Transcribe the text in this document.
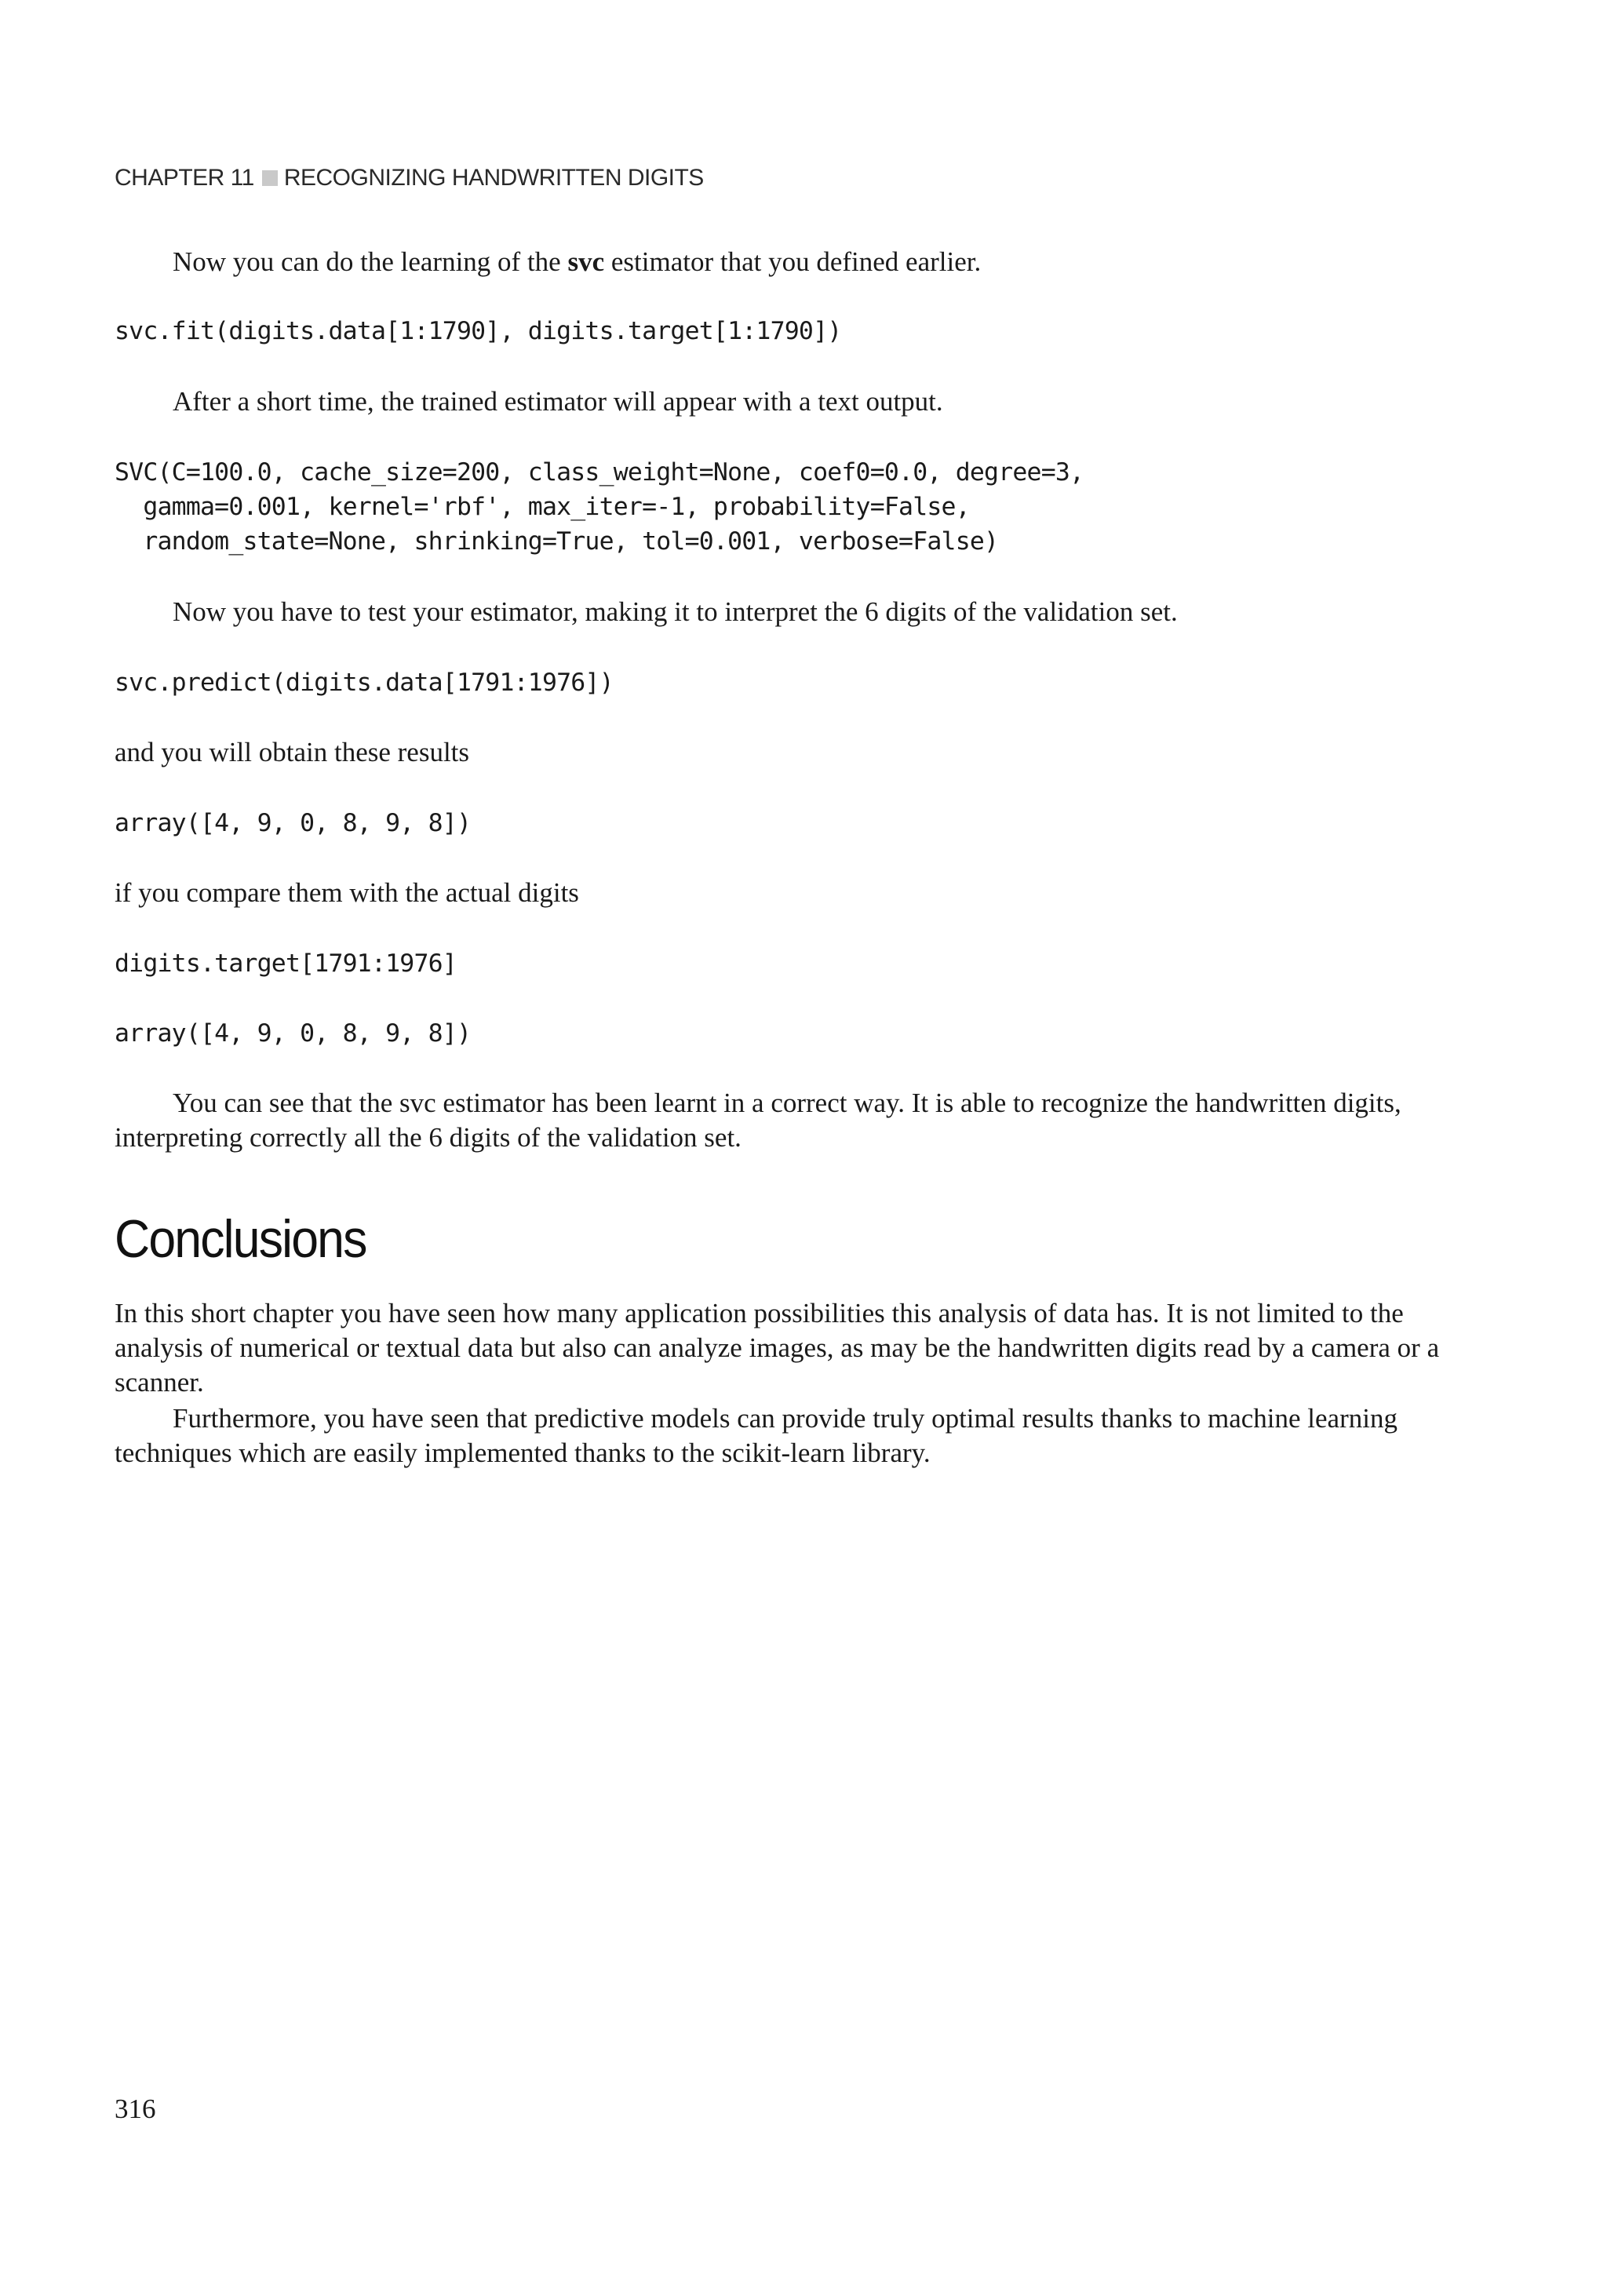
CHAPTER 11 RECOGNIZING HANDWRITTEN DIGITS

Now you can do the learning of the svc estimator that you defined earlier.

svc.fit(digits.data[1:1790], digits.target[1:1790])

After a short time, the trained estimator will appear with a text output.

SVC(C=100.0, cache_size=200, class_weight=None, coef0=0.0, degree=3,
gamma=0.001, kernel='rbf', max_iter=-1, probability=False,
random_state=None, shrinking=True, tol=0.001, verbose=False)

Now you have to test your estimator, making it to interpret the 6 digits of the validation set.

svc.predict(digits.data[1791:1976])

and you will obtain these results

array([4, 9, 0, 8, 9, 8])

if you compare them with the actual digits

digits.target[1791:1976]
array([4, 9, 0, 8, 9, 8])

You can see that the svc estimator has been learnt in a correct way. It is able to recognize the handwritten digits, interpreting correctly all the 6 digits of the validation set.

Conclusions

In this short chapter you have seen how many application possibilities this analysis of data has. It is not limited to the analysis of numerical or textual data but also can analyze images, as may be the handwritten digits read by a camera or a scanner.

Furthermore, you have seen that predictive models can provide truly optimal results thanks to machine learning techniques which are easily implemented thanks to the scikit-learn library.

316
